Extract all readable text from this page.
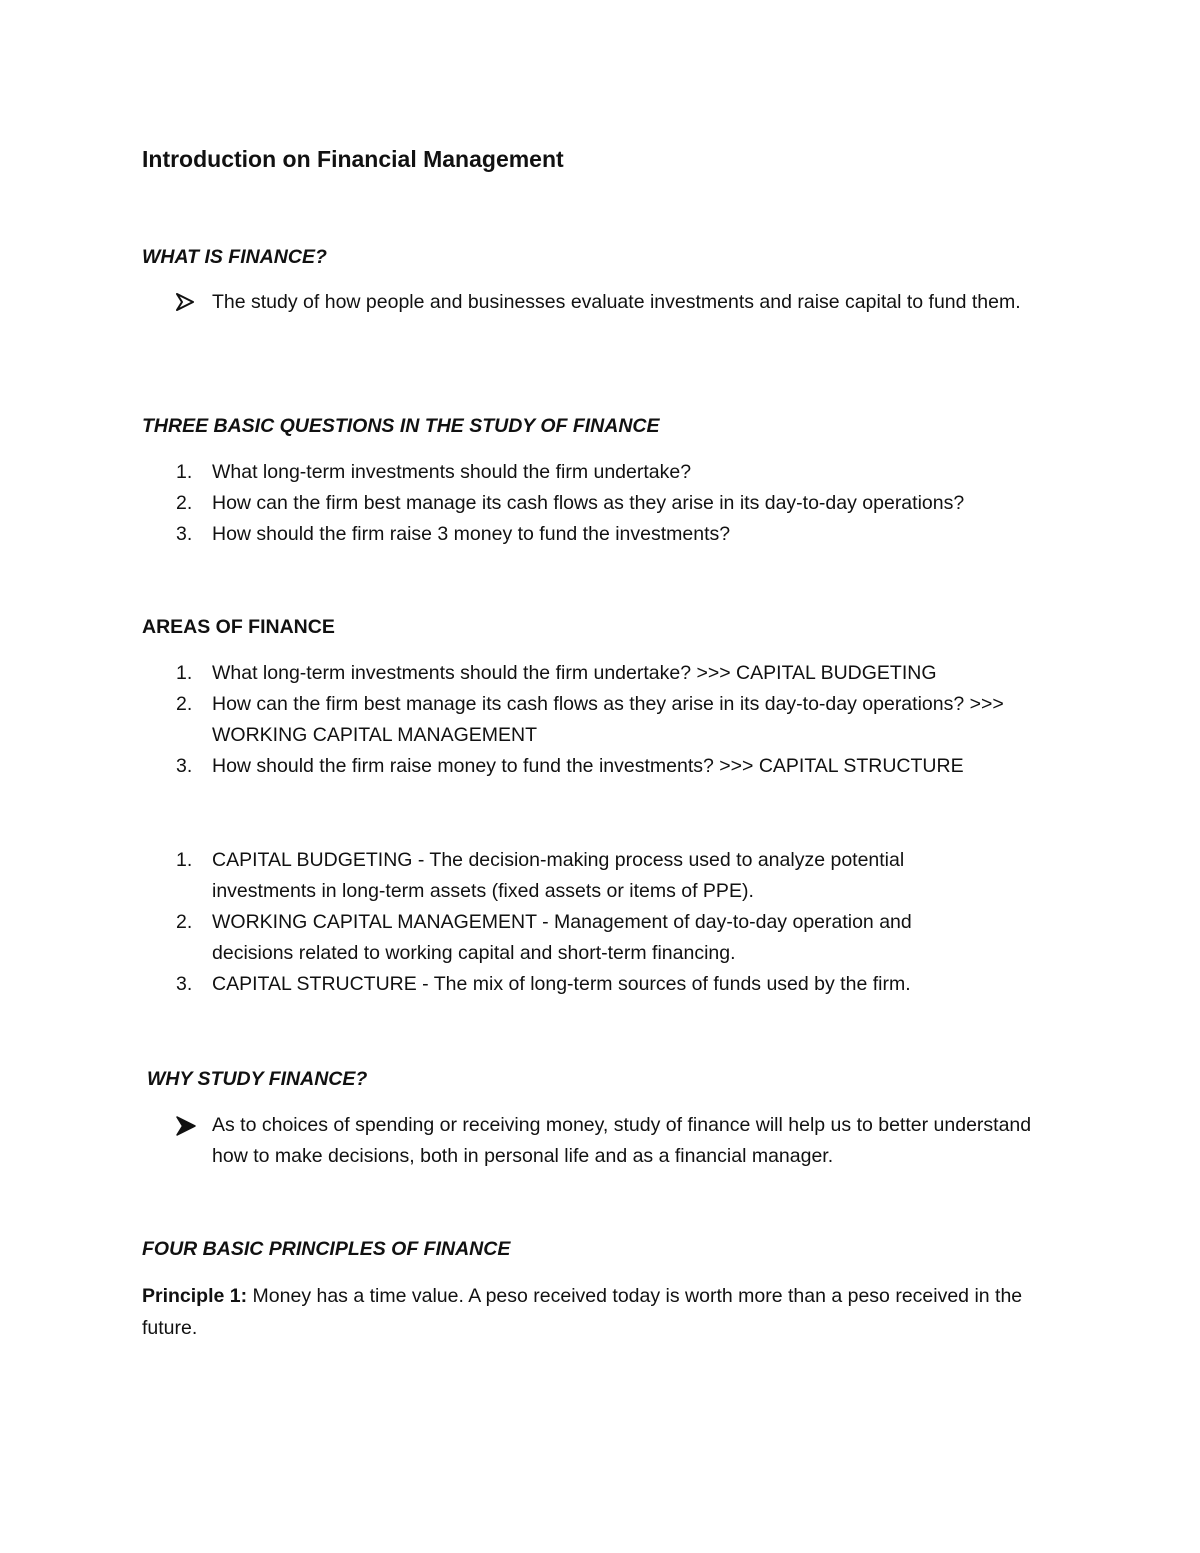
Introduction on Financial Management
WHAT IS FINANCE?
The study of how people and businesses evaluate investments and raise capital to fund them.
THREE BASIC QUESTIONS IN THE STUDY OF FINANCE
1. What long-term investments should the firm undertake?
2. How can the firm best manage its cash flows as they arise in its day-to-day operations?
3. How should the firm raise 3 money to fund the investments?
AREAS OF FINANCE
1. What long-term investments should the firm undertake? >>> CAPITAL BUDGETING
2. How can the firm best manage its cash flows as they arise in its day-to-day operations? >>> WORKING CAPITAL MANAGEMENT
3. How should the firm raise money to fund the investments? >>> CAPITAL STRUCTURE
1. CAPITAL BUDGETING - The decision-making process used to analyze potential investments in long-term assets (fixed assets or items of PPE).
2. WORKING CAPITAL MANAGEMENT - Management of day-to-day operation and decisions related to working capital and short-term financing.
3. CAPITAL STRUCTURE - The mix of long-term sources of funds used by the firm.
WHY STUDY FINANCE?
As to choices of spending or receiving money, study of finance will help us to better understand how to make decisions, both in personal life and as a financial manager.
FOUR BASIC PRINCIPLES OF FINANCE
Principle 1: Money has a time value. A peso received today is worth more than a peso received in the future.
